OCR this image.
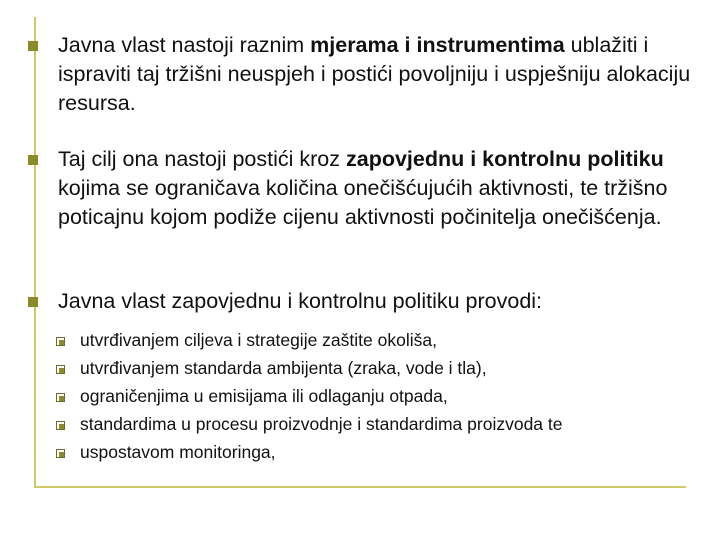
Javna vlast nastoji raznim mjerama i instrumentima ublažiti i ispraviti taj tržišni neuspjeh i postići povoljniju i uspješniju alokaciju resursa.
Taj cilj ona nastoji postići kroz zapovjednu i kontrolnu politiku kojima se ograničava količina onečišćujućih aktivnosti, te tržišno poticajnu kojom podiže cijenu aktivnosti počinitelja onečišćenja.
Javna vlast zapovjednu i kontrolnu politiku provodi:
utvrđivanjem ciljeva i strategije zaštite okoliša,
utvrđivanjem standarda ambijenta (zraka, vode i tla),
ograničenjima u emisijama ili odlaganju otpada,
standardima u procesu proizvodnje i standardima proizvoda te
uspostavom monitoringa,
